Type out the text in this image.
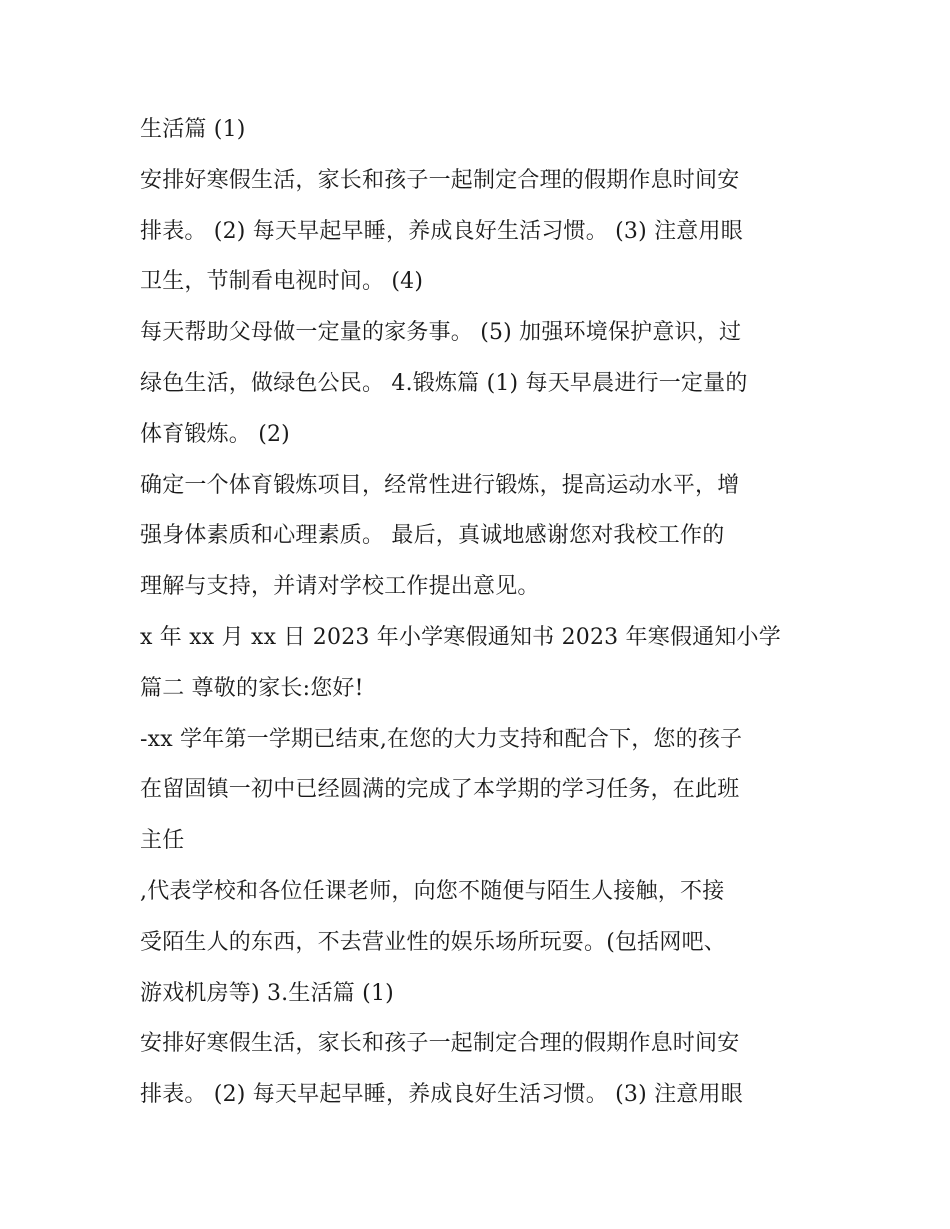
生活篇 (1)
安排好寒假生活，家长和孩子一起制定合理的假期作息时间安
排表。 (2) 每天早起早睡，养成良好生活习惯。 (3) 注意用眼
卫生，节制看电视时间。 (4)
每天帮助父母做一定量的家务事。 (5) 加强环境保护意识，过
绿色生活，做绿色公民。 4.锻炼篇 (1) 每天早晨进行一定量的
体育锻炼。 (2)
确定一个体育锻炼项目，经常性进行锻炼，提高运动水平，增
强身体素质和心理素质。 最后，真诚地感谢您对我校工作的
理解与支持，并请对学校工作提出意见。
x 年 xx 月 xx 日 2023 年小学寒假通知书 2023 年寒假通知小学
篇二 尊敬的家长:您好!
-xx 学年第一学期已结束,在您的大力支持和配合下，您的孩子
在留固镇一初中已经圆满的完成了本学期的学习任务，在此班
主任
,代表学校和各位任课老师，向您不随便与陌生人接触，不接
受陌生人的东西，不去营业性的娱乐场所玩耍。(包括网吧、
游戏机房等) 3.生活篇 (1)
安排好寒假生活，家长和孩子一起制定合理的假期作息时间安
排表。 (2) 每天早起早睡，养成良好生活习惯。 (3) 注意用眼
